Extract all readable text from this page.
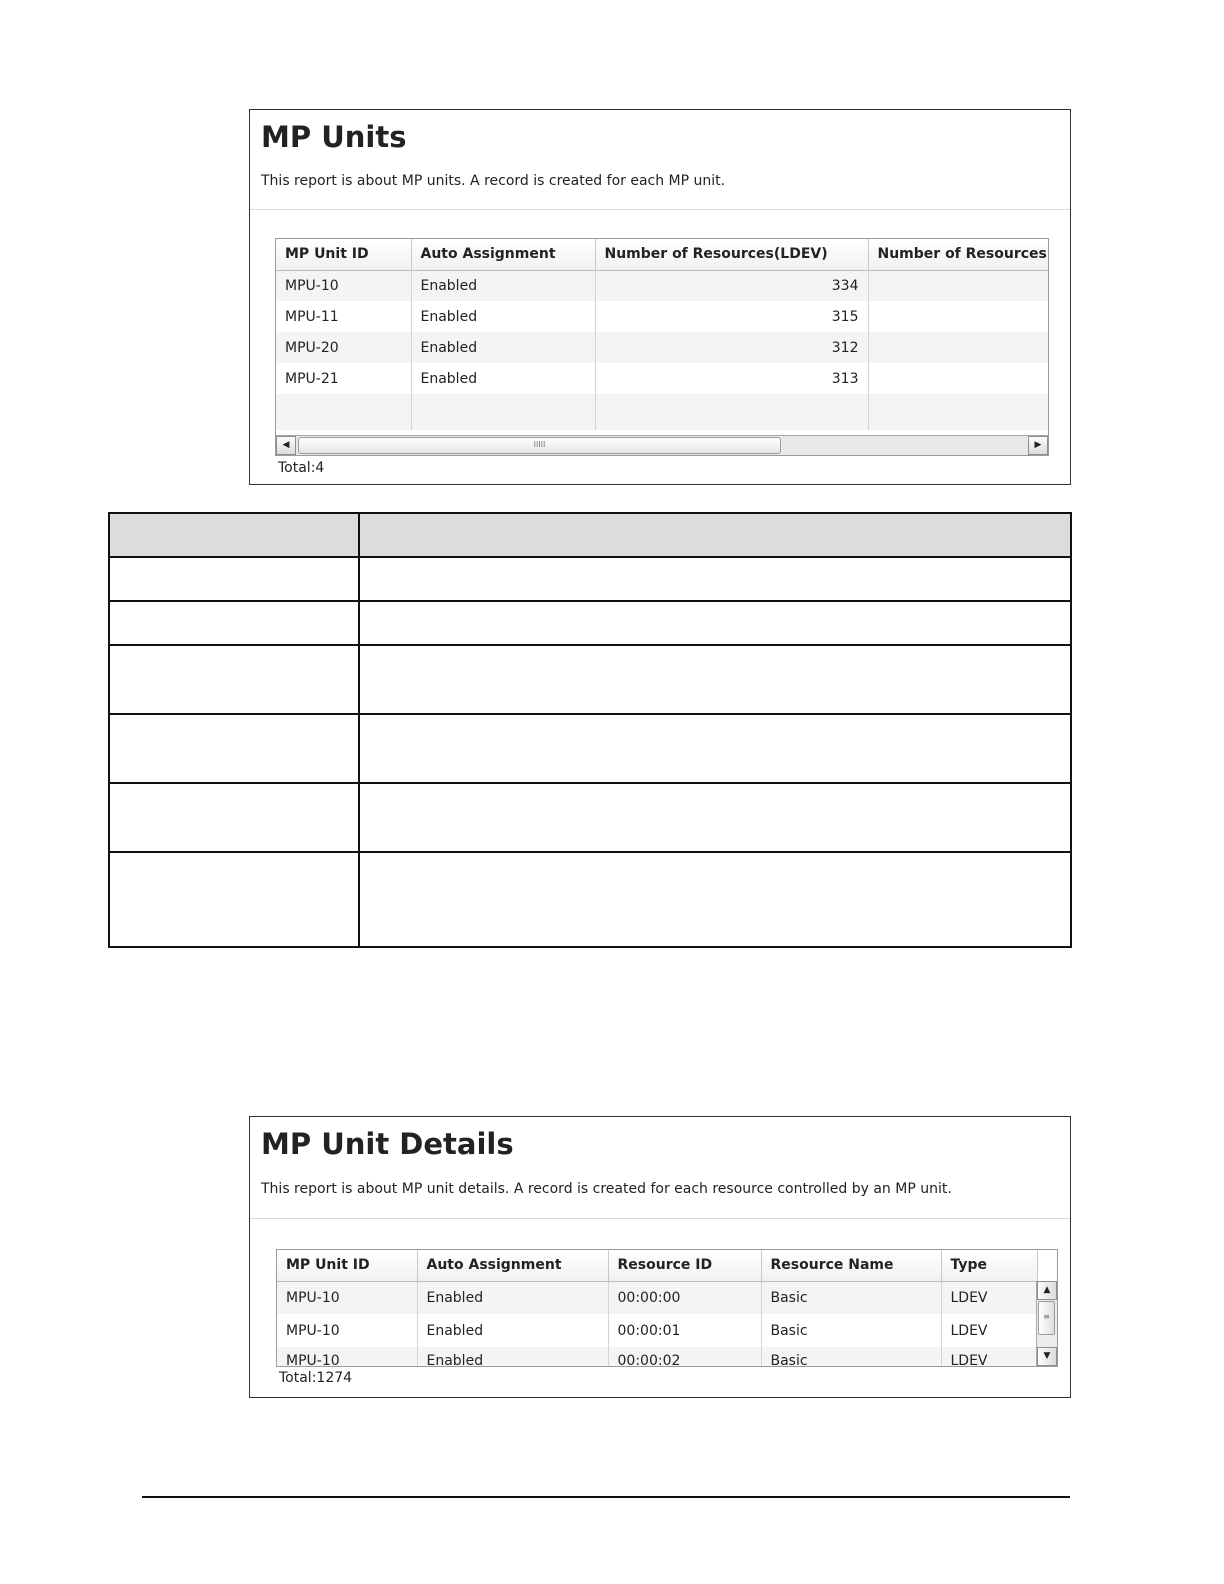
MP Units

This report is about MP units. A record is created for each MP unit.

MP Unit ID	Auto Assignment	Number of Resources(LDEV)	Number of Resources
MPU-10	Enabled	334	
MPU-11	Enabled	315	
MPU-20	Enabled	312	
MPU-21	Enabled	313	

◀	IIIII	▶
Total:4

MP Unit Details

This report is about MP unit details. A record is created for each resource controlled by an MP unit.

MP Unit ID	Auto Assignment	Resource ID	Resource Name	Type
MPU-10	Enabled	00:00:00	Basic	LDEV
MPU-10	Enabled	00:00:01	Basic	LDEV
MPU-10	Enabled	00:00:02	Basic	LDEV
▲
≡
▼
Total:1274
